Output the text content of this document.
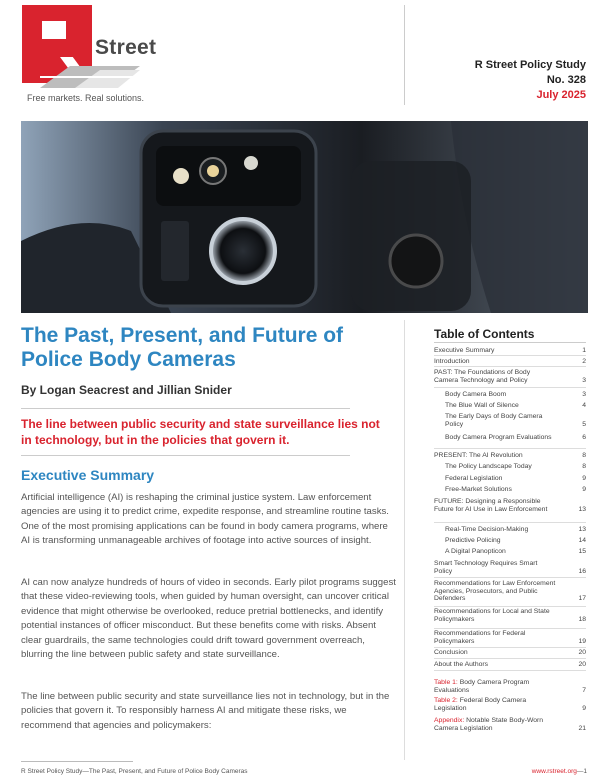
Street
Free markets. Real solutions.
R Street Policy Study
No. 328
July 2025
The Past, Present, and Future of Police Body Cameras
By Logan Seacrest and Jillian Snider
The line between public security and state surveillance lies not in technology, but in the policies that govern it.
Executive Summary

Artificial intelligence (AI) is reshaping the criminal justice system. Law enforcement agencies are using it to predict crime, expedite response, and streamline routine tasks. One of the most promising applications can be found in body camera programs, where AI is transforming unmanageable archives of footage into active sources of insight.

AI can now analyze hundreds of hours of video in seconds. Early pilot programs suggest that these video-reviewing tools, when guided by human oversight, can uncover critical evidence that might otherwise be overlooked, reduce pretrial bottlenecks, and identify potential instances of officer misconduct. But these benefits come with risks. Absent clear guardrails, the same technologies could drift toward government overreach, blurring the line between public safety and state surveillance.

The line between public security and state surveillance lies not in technology, but in the policies that govern it. To responsibly harness AI and mitigate these risks, we recommend that agencies and policymakers:

R Street Policy Study—The Past, Present, and Future of Police Body Cameras	www.rstreet.org—1
Table of Contents
Executive Summary	1
Introduction	2
PAST: The Foundations of Body Camera Technology and Policy	3
Body Camera Boom	3
The Blue Wall of Silence	4
The Early Days of Body Camera Policy	5
Body Camera Program Evaluations	6
PRESENT: The AI Revolution	8
The Policy Landscape Today	8
Federal Legislation	9
Free-Market Solutions	9
FUTURE: Designing a Responsible Future for AI Use in Law Enforcement	13
Real-Time Decision-Making	13
Predictive Policing	14
A Digital Panopticon	15
Smart Technology Requires Smart Policy	16
Recommendations for Law Enforcement Agencies, Prosecutors, and Public Defenders	17
Recommendations for Local and State Policymakers	18
Recommendations for Federal Policymakers	19
Conclusion	20
About the Authors	20
Table 1: Body Camera Program Evaluations	7
Table 2: Federal Body Camera Legislation	9
Appendix: Notable State Body-Worn Camera Legislation	21
